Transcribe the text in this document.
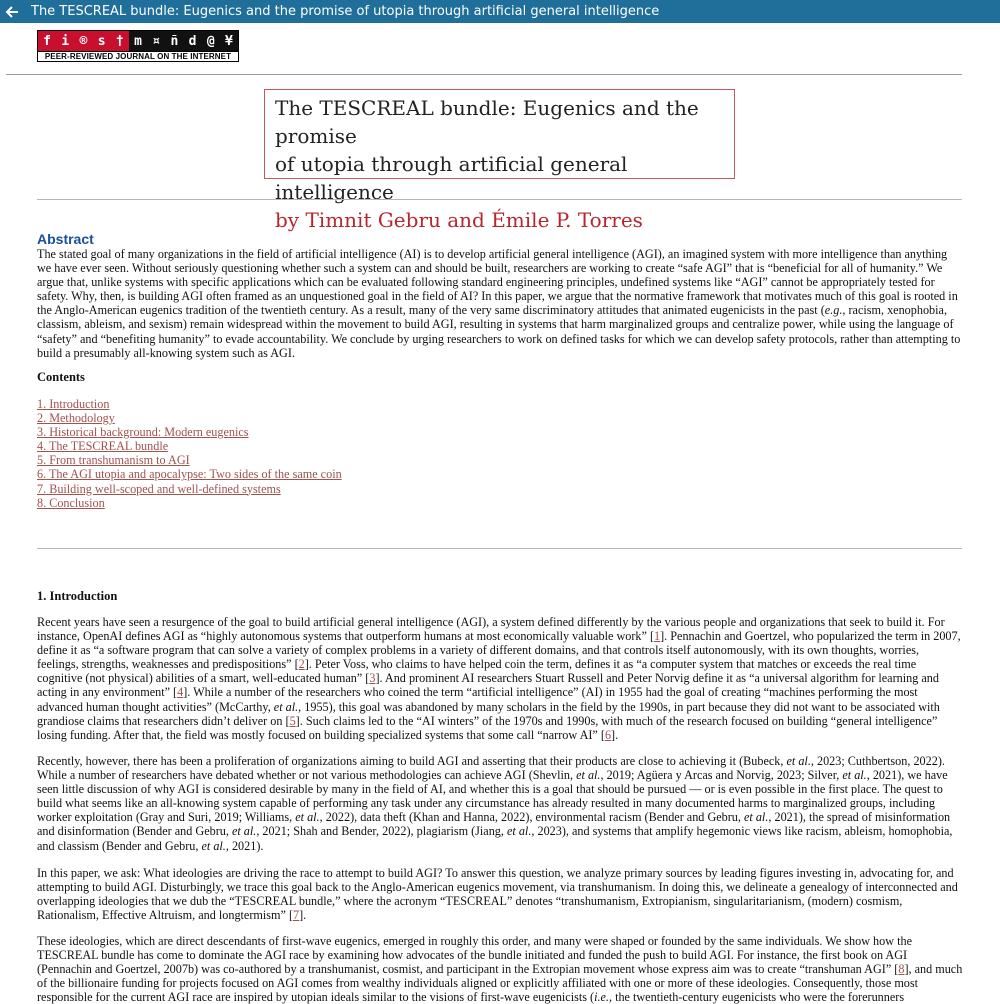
The TESCREAL bundle: Eugenics and the promise of utopia through artificial general intelligence
f i ® s † m ¤ ñ d @ ¥
PEER-REVIEWED JOURNAL ON THE INTERNET
The TESCREAL bundle: Eugenics and the promise
of utopia through artificial general intelligence
by Timnit Gebru and Émile P. Torres
Abstract

The stated goal of many organizations in the field of artificial intelligence (AI) is to develop artificial general intelligence (AGI), an imagined system with more intelligence than anything we have ever seen. Without seriously questioning whether such a system can and should be built, researchers are working to create “safe AGI” that is “beneficial for all of humanity.” We argue that, unlike systems with specific applications which can be evaluated following standard engineering principles, undefined systems like “AGI” cannot be appropriately tested for safety. Why, then, is building AGI often framed as an unquestioned goal in the field of AI? In this paper, we argue that the normative framework that motivates much of this goal is rooted in the Anglo-American eugenics tradition of the twentieth century. As a result, many of the very same discriminatory attitudes that animated eugenicists in the past (e.g., racism, xenophobia, classism, ableism, and sexism) remain widespread within the movement to build AGI, resulting in systems that harm marginalized groups and centralize power, while using the language of “safety” and “benefiting humanity” to evade accountability. We conclude by urging researchers to work on defined tasks for which we can develop safety protocols, rather than attempting to build a presumably all-knowing system such as AGI.

Contents
1. Introduction
2. Methodology
3. Historical background: Modern eugenics
4. The TESCREAL bundle
5. From transhumanism to AGI
6. The AGI utopia and apocalypse: Two sides of the same coin
7. Building well-scoped and well-defined systems
8. Conclusion
1. Introduction

Recent years have seen a resurgence of the goal to build artificial general intelligence (AGI), a system defined differently by the various people and organizations that seek to build it. For instance, OpenAI defines AGI as “highly autonomous systems that outperform humans at most economically valuable work” [1]. Pennachin and Goertzel, who popularized the term in 2007, define it as “a software program that can solve a variety of complex problems in a variety of different domains, and that controls itself autonomously, with its own thoughts, worries, feelings, strengths, weaknesses and predispositions” [2]. Peter Voss, who claims to have helped coin the term, defines it as “a computer system that matches or exceeds the real time cognitive (not physical) abilities of a smart, well-educated human” [3]. And prominent AI researchers Stuart Russell and Peter Norvig define it as “a universal algorithm for learning and acting in any environment” [4]. While a number of the researchers who coined the term “artificial intelligence” (AI) in 1955 had the goal of creating “machines performing the most advanced human thought activities” (McCarthy, et al., 1955), this goal was abandoned by many scholars in the field by the 1990s, in part because they did not want to be associated with grandiose claims that researchers didn’t deliver on [5]. Such claims led to the “AI winters” of the 1970s and 1990s, with much of the research focused on building “general intelligence” losing funding. After that, the field was mostly focused on building specialized systems that some call “narrow AI” [6].

Recently, however, there has been a proliferation of organizations aiming to build AGI and asserting that their products are close to achieving it (Bubeck, et al., 2023; Cuthbertson, 2022). While a number of researchers have debated whether or not various methodologies can achieve AGI (Shevlin, et al., 2019; Agüera y Arcas and Norvig, 2023; Silver, et al., 2021), we have seen little discussion of why AGI is considered desirable by many in the field of AI, and whether this is a goal that should be pursued — or is even possible in the first place. The quest to build what seems like an all-knowing system capable of performing any task under any circumstance has already resulted in many documented harms to marginalized groups, including worker exploitation (Gray and Suri, 2019; Williams, et al., 2022), data theft (Khan and Hanna, 2022), environmental racism (Bender and Gebru, et al., 2021), the spread of misinformation and disinformation (Bender and Gebru, et al., 2021; Shah and Bender, 2022), plagiarism (Jiang, et al., 2023), and systems that amplify hegemonic views like racism, ableism, homophobia, and classism (Bender and Gebru, et al., 2021).

In this paper, we ask: What ideologies are driving the race to attempt to build AGI? To answer this question, we analyze primary sources by leading figures investing in, advocating for, and attempting to build AGI. Disturbingly, we trace this goal back to the Anglo-American eugenics movement, via transhumanism. In doing this, we delineate a genealogy of interconnected and overlapping ideologies that we dub the “TESCREAL bundle,” where the acronym “TESCREAL” denotes “transhumanism, Extropianism, singularitarianism, (modern) cosmism, Rationalism, Effective Altruism, and longtermism” [7].

These ideologies, which are direct descendants of first-wave eugenics, emerged in roughly this order, and many were shaped or founded by the same individuals. We show how the TESCREAL bundle has come to dominate the AGI race by examining how advocates of the bundle initiated and funded the push to build AGI. For instance, the first book on AGI (Pennachin and Goertzel, 2007b) was co-authored by a transhumanist, cosmist, and participant in the Extropian movement whose express aim was to create “transhuman AGI” [8], and much of the billionaire funding for projects focused on AGI comes from wealthy individuals aligned or explicitly affiliated with one or more of these ideologies. Consequently, those most responsible for the current AGI race are inspired by utopian ideals similar to the visions of first-wave eugenicists (i.e., the twentieth-century eugenicists who were the forerunners
